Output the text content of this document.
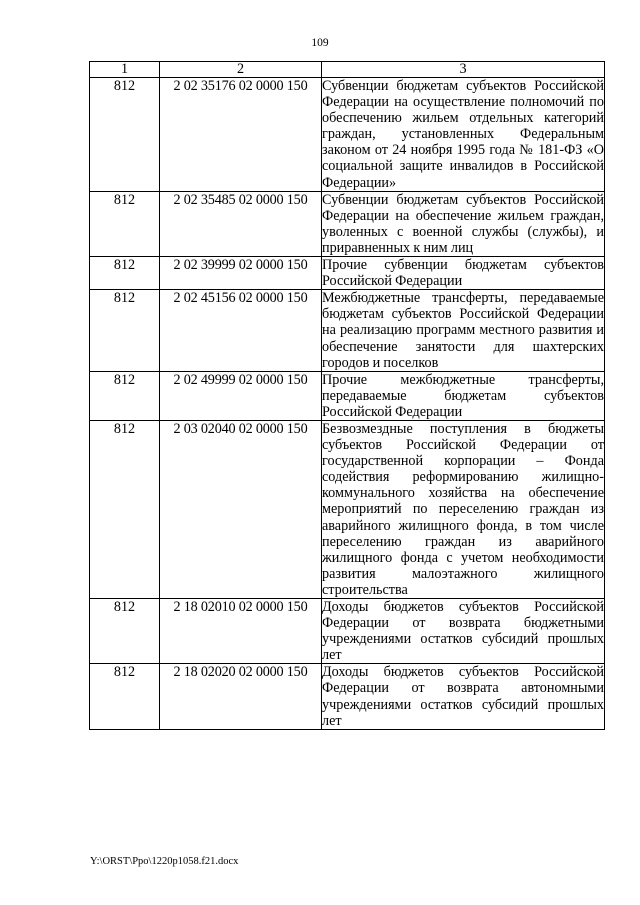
109
1	2	3
812	2 02 35176 02 0000 150	Субвенции бюджетам субъектов Российской Федерации на осуществление полномочий по обеспечению жильем отдельных категорий граждан, установленных Федеральным законом от 24 ноября 1995 года № 181-ФЗ «О социальной защите инвалидов в Российской Федерации»
812	2 02 35485 02 0000 150	Субвенции бюджетам субъектов Российской Федерации на обеспечение жильем граждан, уволенных с военной службы (службы), и приравненных к ним лиц
812	2 02 39999 02 0000 150	Прочие субвенции бюджетам субъектов Российской Федерации
812	2 02 45156 02 0000 150	Межбюджетные трансферты, передаваемые бюджетам субъектов Российской Федерации на реализацию программ местного развития и обеспечение занятости для шахтерских городов и поселков
812	2 02 49999 02 0000 150	Прочие межбюджетные трансферты, передаваемые бюджетам субъектов Российской Федерации
812	2 03 02040 02 0000 150	Безвозмездные поступления в бюджеты субъектов Российской Федерации от государственной корпорации – Фонда содействия реформированию жилищно-коммунального хозяйства на обеспечение мероприятий по переселению граждан из аварийного жилищного фонда, в том числе переселению граждан из аварийного жилищного фонда с учетом необходимости развития малоэтажного жилищного строительства
812	2 18 02010 02 0000 150	Доходы бюджетов субъектов Российской Федерации от возврата бюджетными учреждениями остатков субсидий прошлых лет
812	2 18 02020 02 0000 150	Доходы бюджетов субъектов Российской Федерации от возврата автономными учреждениями остатков субсидий прошлых лет
Y:\ORST\Ppo\1220p1058.f21.docx
